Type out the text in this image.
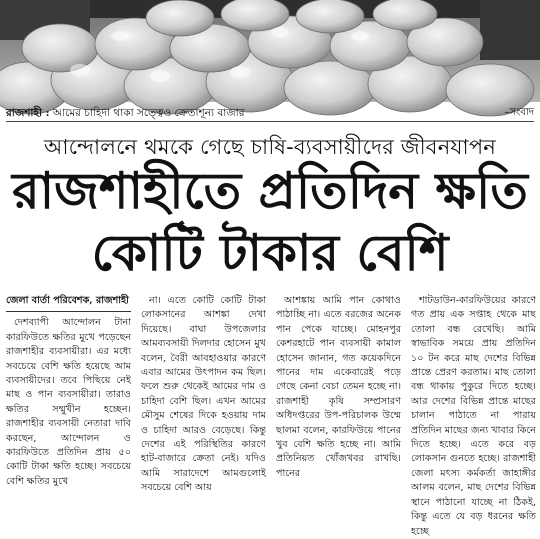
রাজশাহী : আমের চাহিদা থাকা সত্ত্বেও ক্রেতাশূন্য বাজার	–সংবাদ
আন্দোলনে থমকে গেছে চাষি-ব্যবসায়ীদের জীবনযাপন
রাজশাহীতে প্রতিদিন ক্ষতি
কোটি টাকার বেশি
জেলা বার্তা পরিবেশক, রাজশাহী

দেশব্যাপী আন্দোলন টানা কারফিউতে ক্ষতির মুখে পড়েছেন রাজশাহীর ব্যবসায়ীরা। এর মধ্যে সবচেয়ে বেশি ক্ষতি হয়েছে আম ব্যবসায়ীদের। তবে পিছিয়ে নেই মাছ ও পান ব্যবসায়ীরা। তারাও ক্ষতির সম্মুখীন হচ্ছেন। রাজশাহীর ব্যবসায়ী নেতারা দাবি করছেন, আন্দোলন ও কারফিউতে প্রতিদিন প্রায় ৫০ কোটি টাকা ক্ষতি হচ্ছে। সবচেয়ে বেশি ক্ষতির মুখে

না। এতে কোটি কোটি টাকা লোকসানের আশঙ্কা দেখা দিয়েছে। বাঘা উপজেলার আমব্যবসায়ী দিলদার হোসেন মুখ বলেন, বৈরী আবহাওয়ার কারণে এবার আমের উৎপাদন কম ছিল। ফলে শুরু থেকেই আমের দাম ও চাহিদা বেশি ছিল। এখন আমের মৌসুম শেষের দিকে হওয়ায় দাম ও চাহিদা আরও বেড়েছে। কিন্তু দেশের এই পরিস্থিতির কারণে হাট-বাজারে ক্রেতা নেই। যদিও আমি সারাদেশে আমগুলোই সবচেয়ে বেশি আয়

আশঙ্কায় আমি পান কোথাও পাঠাচ্ছি না। এতে বরজের অনেক পান পেকে যাচ্ছে। মোহনপুর কেশরহাটে পান ব্যবসায়ী কামাল হোসেন জানান, গত কয়েকদিনে পানের দাম একেবারেই পড়ে গেছে কেনা বেচা তেমন হচ্ছে না। রাজশাহী কৃষি সম্প্রসারণ অধিদপ্তরের উপ-পরিচালক উম্মে ছালমা বলেন, কারফিউয়ে পানের খুব বেশি ক্ষতি হচ্ছে না। আমি প্রতিনিয়ত খোঁজখবর রাখছি। পানের

শাটডাউন-কারফিউয়ের কারণে গত প্রায় এক সপ্তাহ থেকে মাছ তোলা বন্ধ রেখেছি। আমি স্বাভাবিক সময়ে প্রায় প্রতিদিন ১০ টন করে মাছ দেশের বিভিন্ন প্রান্তে প্রেরণ করতাম। মাছ তোলা বন্ধ থাকায় পুকুরে দিতে হচ্ছে। আর দেশের বিভিন্ন প্রান্তে মাছের চালান পাঠাতে না পারায় প্রতিদিন মাছের জন্য খাবার কিনে দিতে হচ্ছে। এতে করে বড় লোকসান গুনতে হচ্ছে। রাজশাহী জেলা মৎস্য কর্মকর্তা জাহাঙ্গীর আলম বলেন, মাছ দেশের বিভিন্ন স্থানে পাঠানো যাচ্ছে না ঠিকই, কিন্তু এতে যে বড় ধরনের ক্ষতি হচ্ছে
